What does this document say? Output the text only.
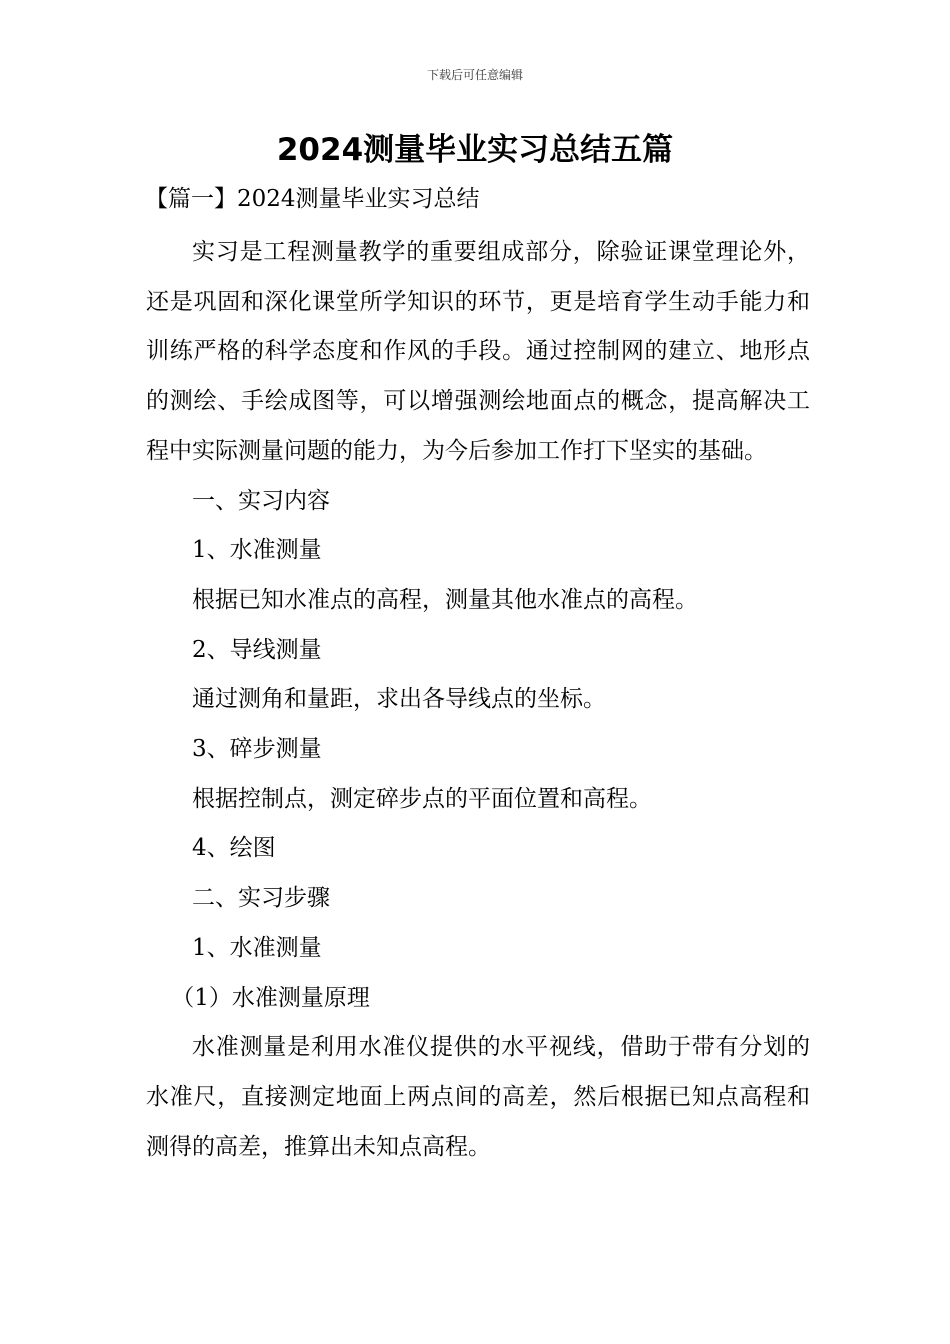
下载后可任意编辑
2024测量毕业实习总结五篇

【篇一】2024测量毕业实习总结

实习是工程测量教学的重要组成部分，除验证课堂理论外，还是巩固和深化课堂所学知识的环节，更是培育学生动手能力和训练严格的科学态度和作风的手段。通过控制网的建立、地形点的测绘、手绘成图等，可以增强测绘地面点的概念，提高解决工程中实际测量问题的能力，为今后参加工作打下坚实的基础。

一、实习内容

1、水准测量

根据已知水准点的高程，测量其他水准点的高程。

2、导线测量

通过测角和量距，求出各导线点的坐标。

3、碎步测量

根据控制点，测定碎步点的平面位置和高程。

4、绘图

二、实习步骤

1、水准测量

（1）水准测量原理

水准测量是利用水准仪提供的水平视线，借助于带有分划的水准尺，直接测定地面上两点间的高差，然后根据已知点高程和测得的高差，推算出未知点高程。
